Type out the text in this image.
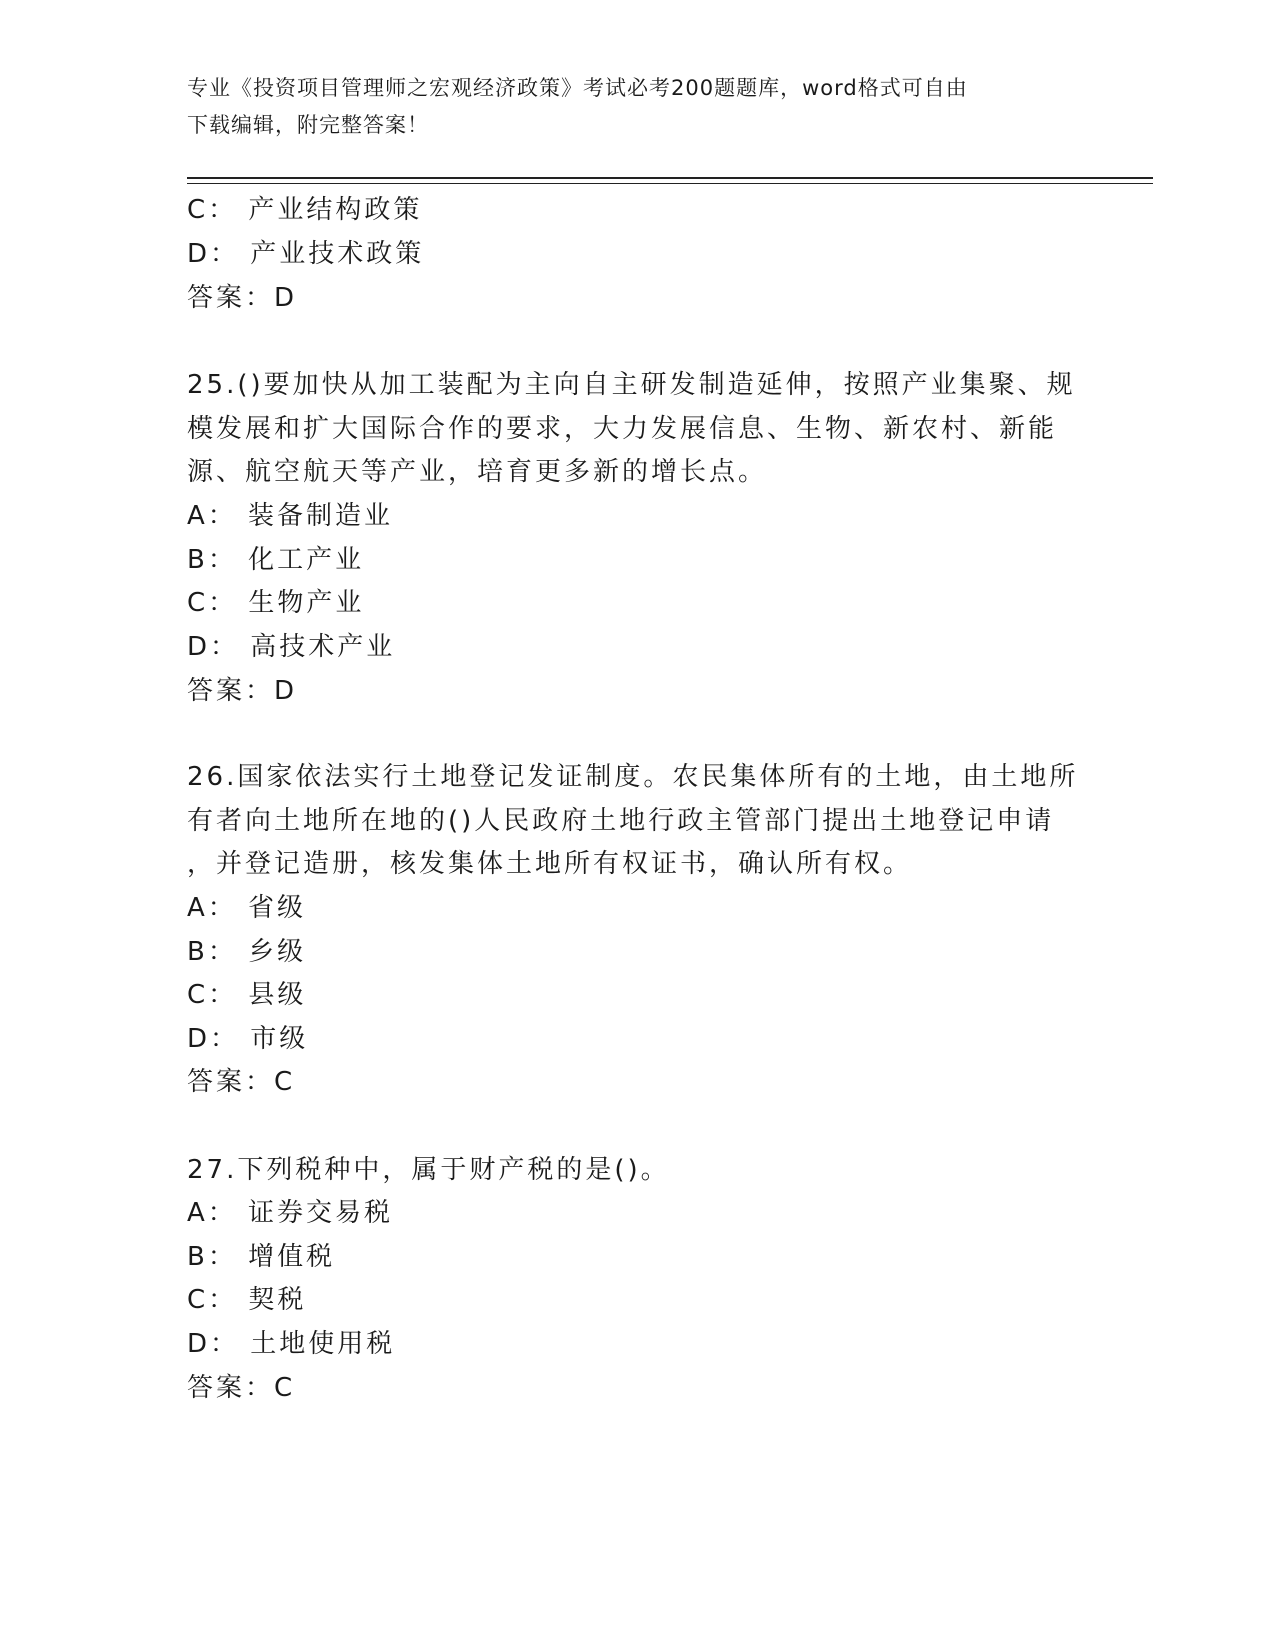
专业《投资项目管理师之宏观经济政策》考试必考200题题库，word格式可自由
下载编辑，附完整答案！
C： 产业结构政策
D： 产业技术政策
答案：D
25.()要加快从加工装配为主向自主研发制造延伸，按照产业集聚、规
模发展和扩大国际合作的要求，大力发展信息、生物、新农村、新能
源、航空航天等产业，培育更多新的增长点。
A： 装备制造业
B： 化工产业
C： 生物产业
D： 高技术产业
答案：D
26.国家依法实行土地登记发证制度。农民集体所有的土地，由土地所
有者向土地所在地的()人民政府土地行政主管部门提出土地登记申请
，并登记造册，核发集体土地所有权证书，确认所有权。
A： 省级
B： 乡级
C： 县级
D： 市级
答案：C
27.下列税种中，属于财产税的是()。
A： 证券交易税
B： 增值税
C： 契税
D： 土地使用税
答案：C
